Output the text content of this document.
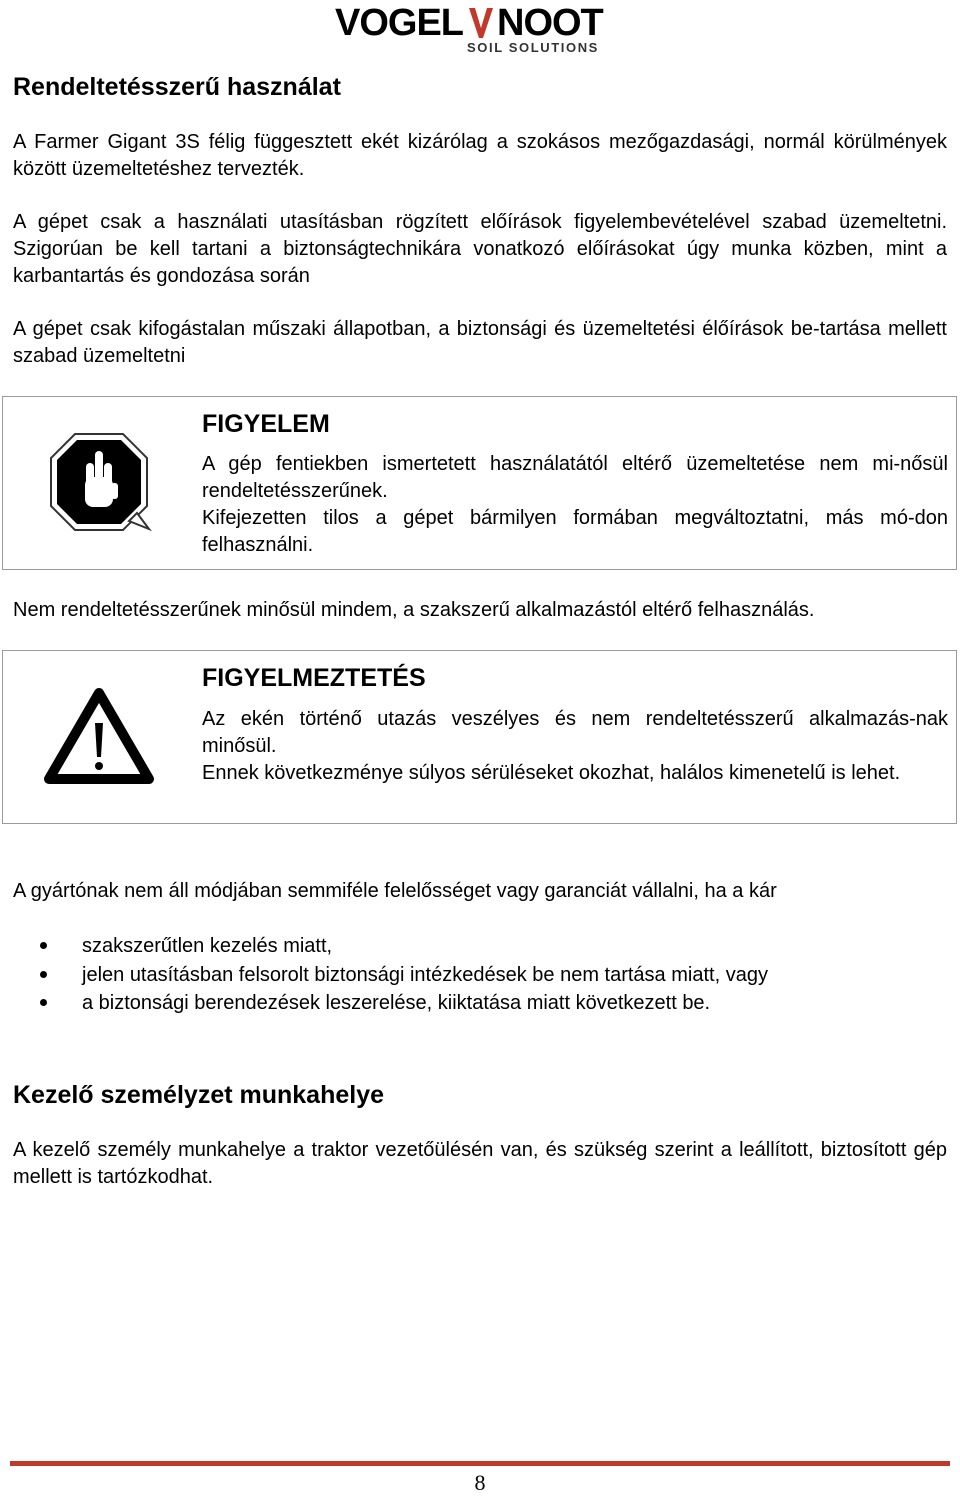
VOGEL NOOT
SOIL SOLUTIONS
Rendeltetésszerű használat

A Farmer Gigant 3S félig függesztett ekét kizárólag a szokásos mezőgazdasági, normál körülmények között üzemeltetéshez tervezték.

A gépet csak a használati utasításban rögzített előírások figyelembevételével szabad üzemeltetni. Szigorúan be kell tartani a biztonságtechnikára vonatkozó előírásokat úgy munka közben, mint a karbantartás és gondozása során

A gépet csak kifogástalan műszaki állapotban, a biztonsági és üzemeltetési élőírások be-tartása mellett szabad üzemeltetni

FIGYELEM

A gép fentiekben ismertetett használatától eltérő üzemeltetése nem mi-nősül rendeltetésszerűnek.

Kifejezetten tilos a gépet bármilyen formában megváltoztatni, más mó-don felhasználni.

Nem rendeltetésszerűnek minősül mindem, a szakszerű alkalmazástól eltérő felhasználás.

FIGYELMEZTETÉS

Az ekén történő utazás veszélyes és nem rendeltetésszerű alkalmazás-nak minősül.

Ennek következménye súlyos sérüléseket okozhat, halálos kimenetelű is lehet.

A gyártónak nem áll módjában semmiféle felelősséget vagy garanciát vállalni, ha a kár

szakszerűtlen kezelés miatt,
jelen utasításban felsorolt biztonsági intézkedések be nem tartása miatt, vagy
a biztonsági berendezések leszerelése, kiiktatása miatt következett be.
Kezelő személyzet munkahelye

A kezelő személy munkahelye a traktor vezetőülésén van, és szükség szerint a leállított, biztosított gép mellett is tartózkodhat.

8
